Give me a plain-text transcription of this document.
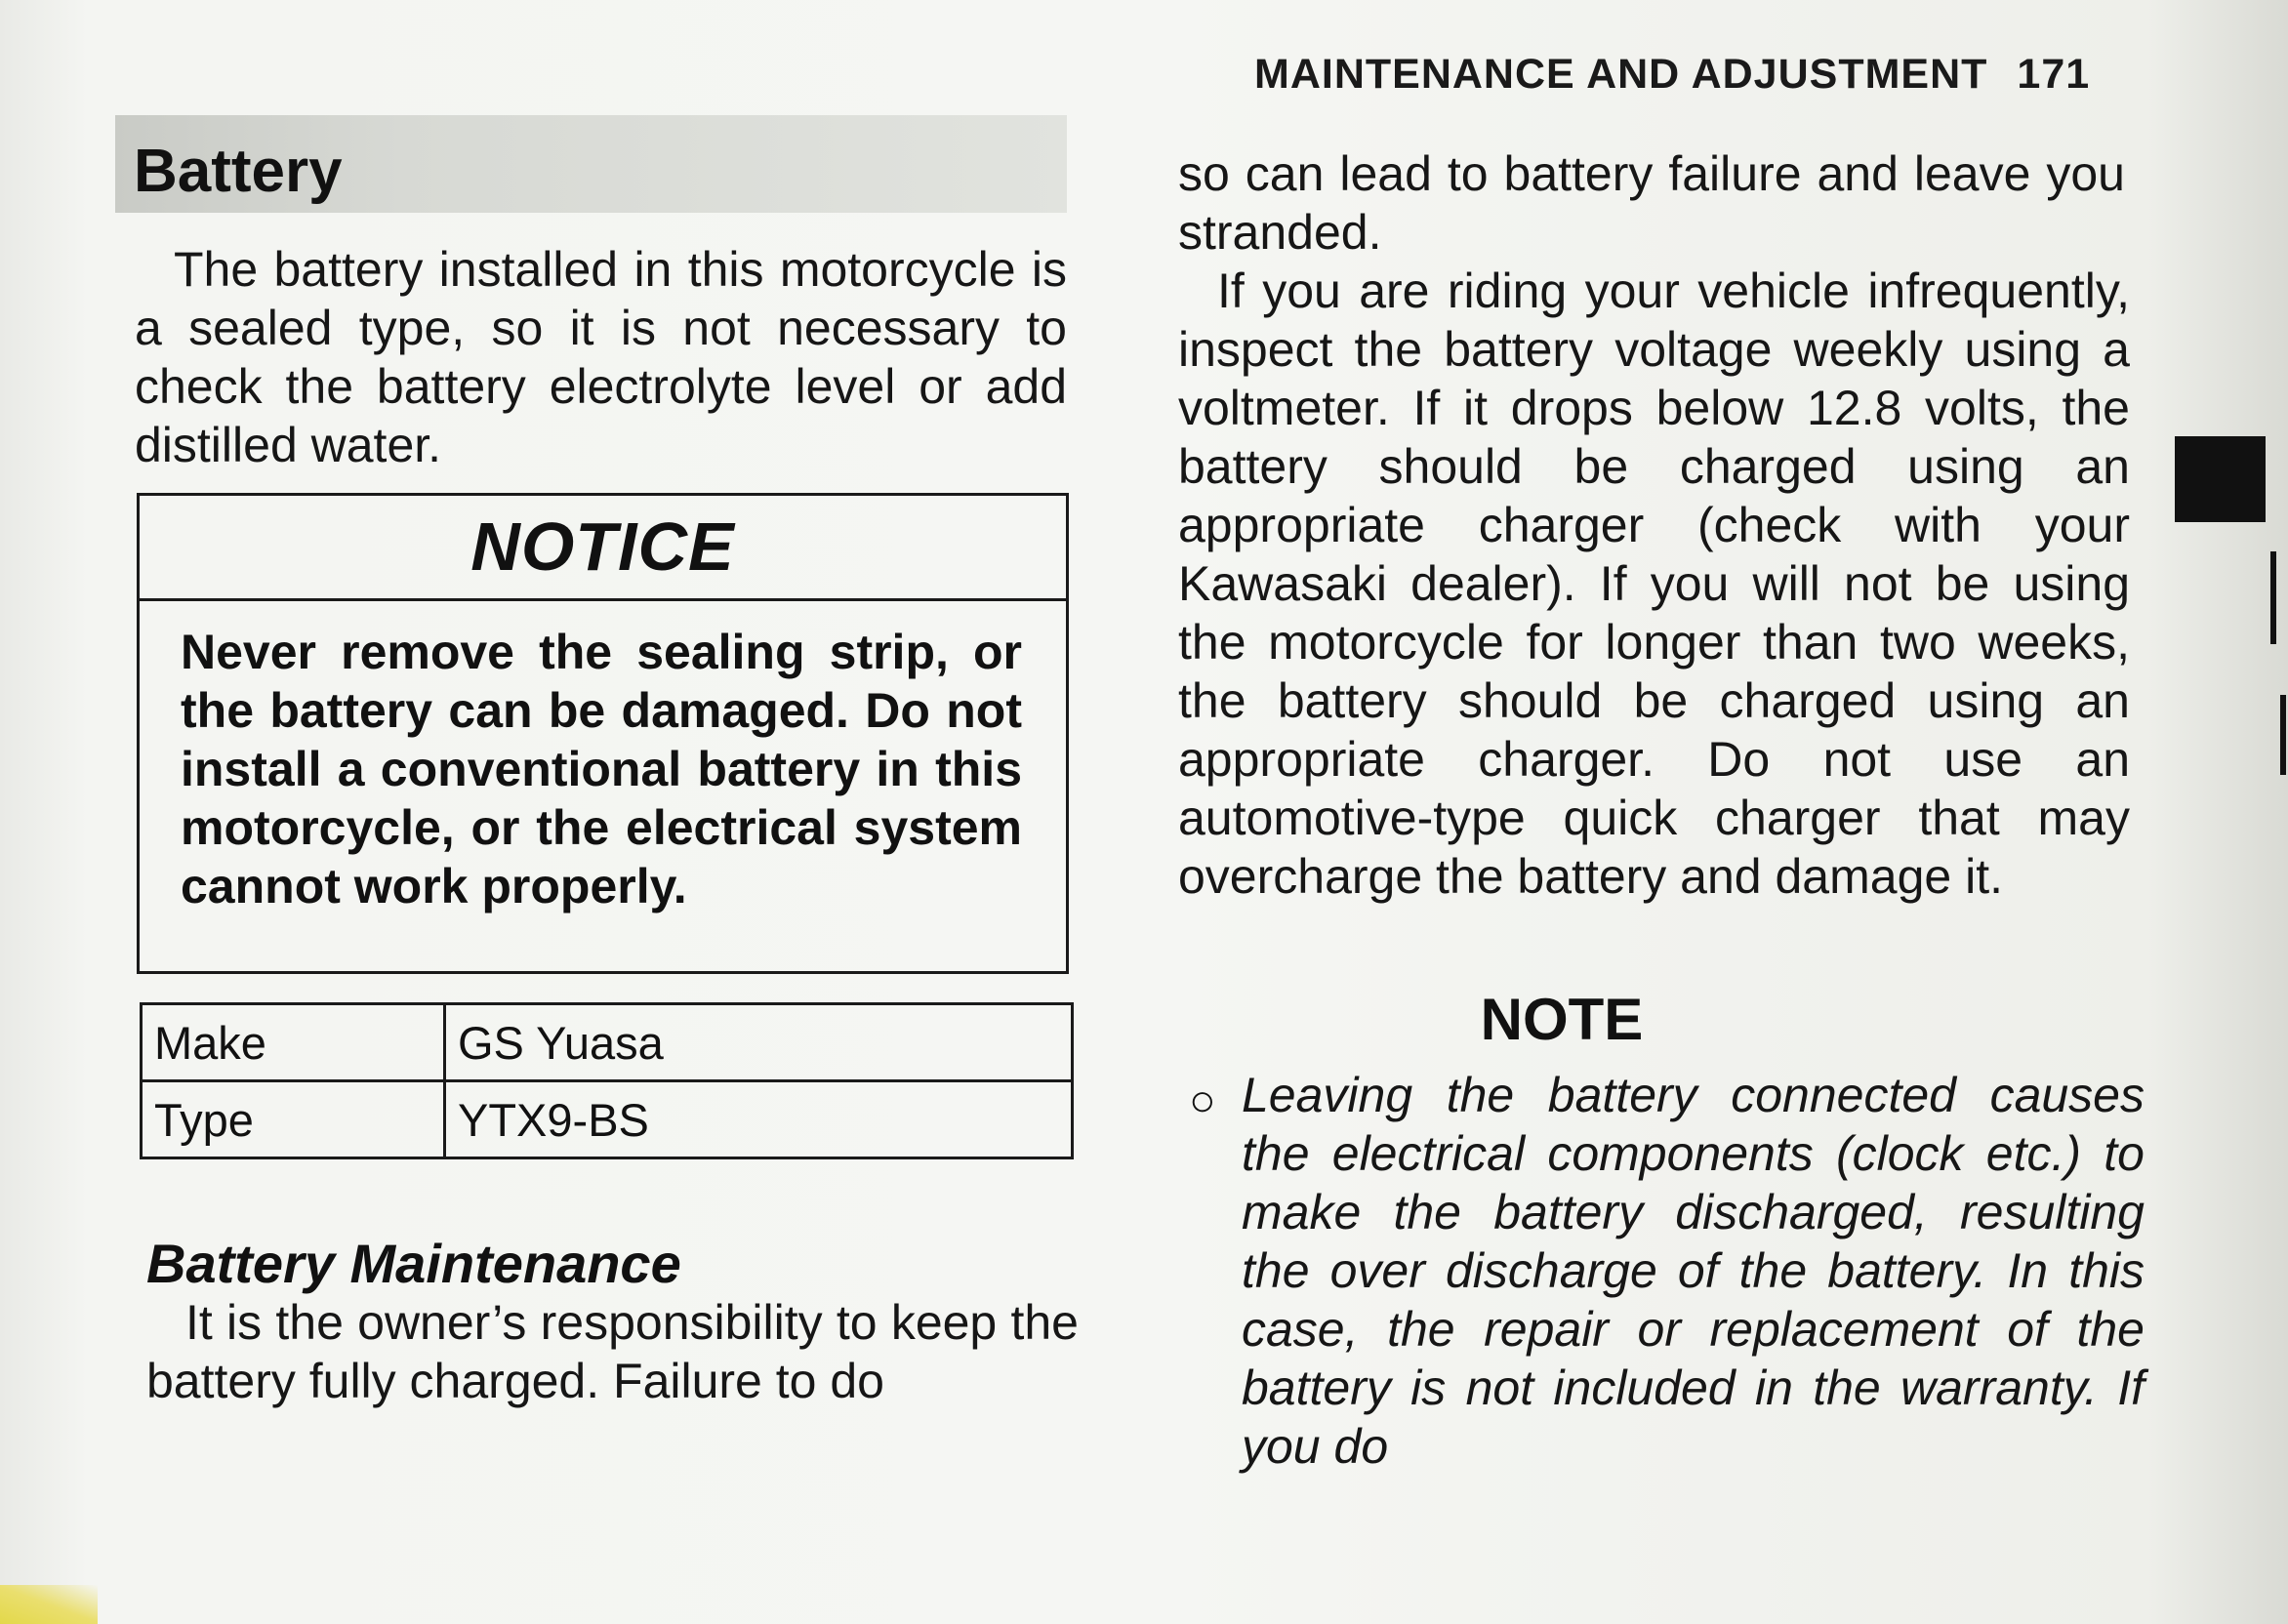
MAINTENANCE AND ADJUSTMENT 171
Battery
The battery installed in this motorcycle is a sealed type, so it is not necessary to check the battery electrolyte level or add distilled water.
NOTICE
Never remove the sealing strip, or the battery can be damaged. Do not install a conventional battery in this motorcycle, or the electrical system cannot work properly.
Make	GS Yuasa
Type	YTX9-BS
Battery Maintenance
It is the owner’s responsibility to keep the battery fully charged. Failure to do
so can lead to battery failure and leave you stranded.
If you are riding your vehicle infrequently, inspect the battery voltage weekly using a voltmeter. If it drops below 12.8 volts, the battery should be charged using an appropriate charger (check with your Kawasaki dealer). If you will not be using the motorcycle for longer than two weeks, the battery should be charged using an appropriate charger. Do not use an automotive-type quick charger that may overcharge the battery and damage it.
NOTE
○ Leaving the battery connected causes the electrical components (clock etc.) to make the battery discharged, resulting the over discharge of the battery. In this case, the repair or replacement of the battery is not included in the warranty. If you do
